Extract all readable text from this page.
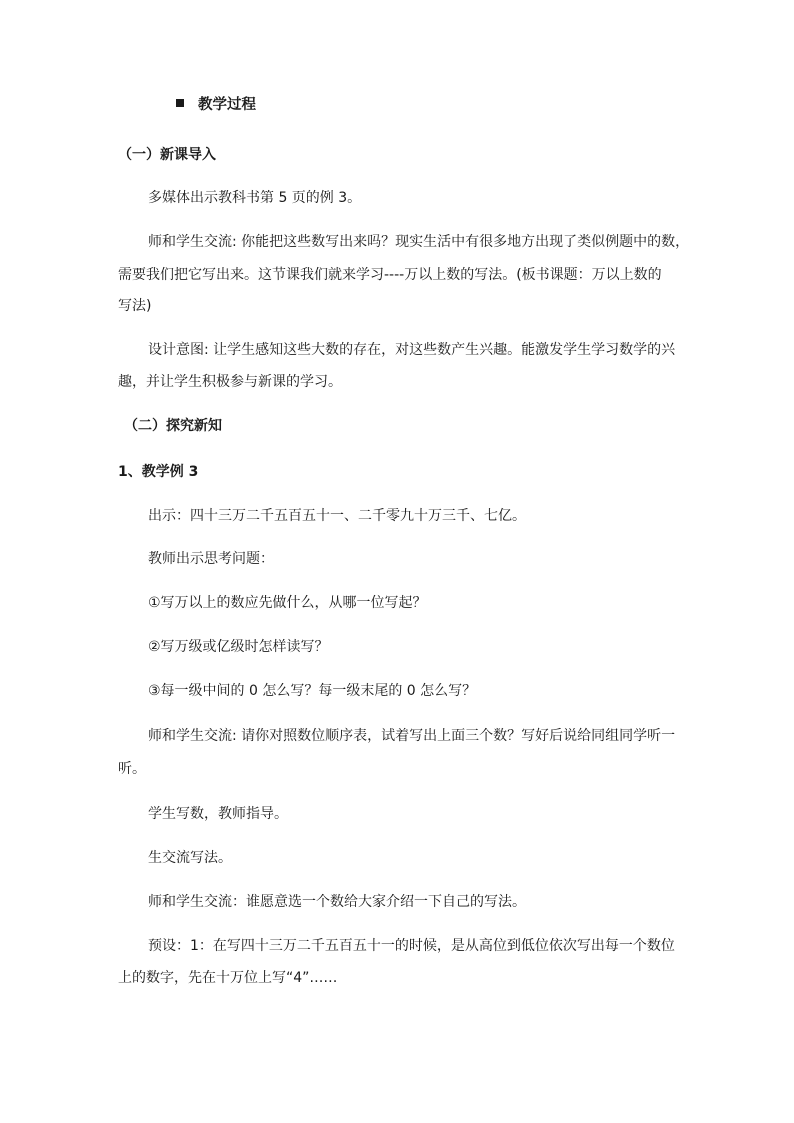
教学过程
（一）新课导入
多媒体出示教科书第 5 页的例 3。
师和学生交流: 你能把这些数写出来吗？现实生活中有很多地方出现了类似例题中的数，
需要我们把它写出来。这节课我们就来学习----万以上数的写法。(板书课题：万以上数的
写法)
设计意图: 让学生感知这些大数的存在，对这些数产生兴趣。能激发学生学习数学的兴
趣，并让学生积极参与新课的学习。
（二）探究新知
1、教学例 3
出示：四十三万二千五百五十一、二千零九十万三千、七亿。
教师出示思考问题：
①写万以上的数应先做什么，从哪一位写起？
②写万级或亿级时怎样读写？
③每一级中间的 0 怎么写？每一级末尾的 0 怎么写？
师和学生交流: 请你对照数位顺序表，试着写出上面三个数？写好后说给同组同学听一
听。
学生写数，教师指导。
生交流写法。
师和学生交流：谁愿意选一个数给大家介绍一下自己的写法。
预设：1：在写四十三万二千五百五十一的时候，是从高位到低位依次写出每一个数位
上的数字，先在十万位上写“4”……
